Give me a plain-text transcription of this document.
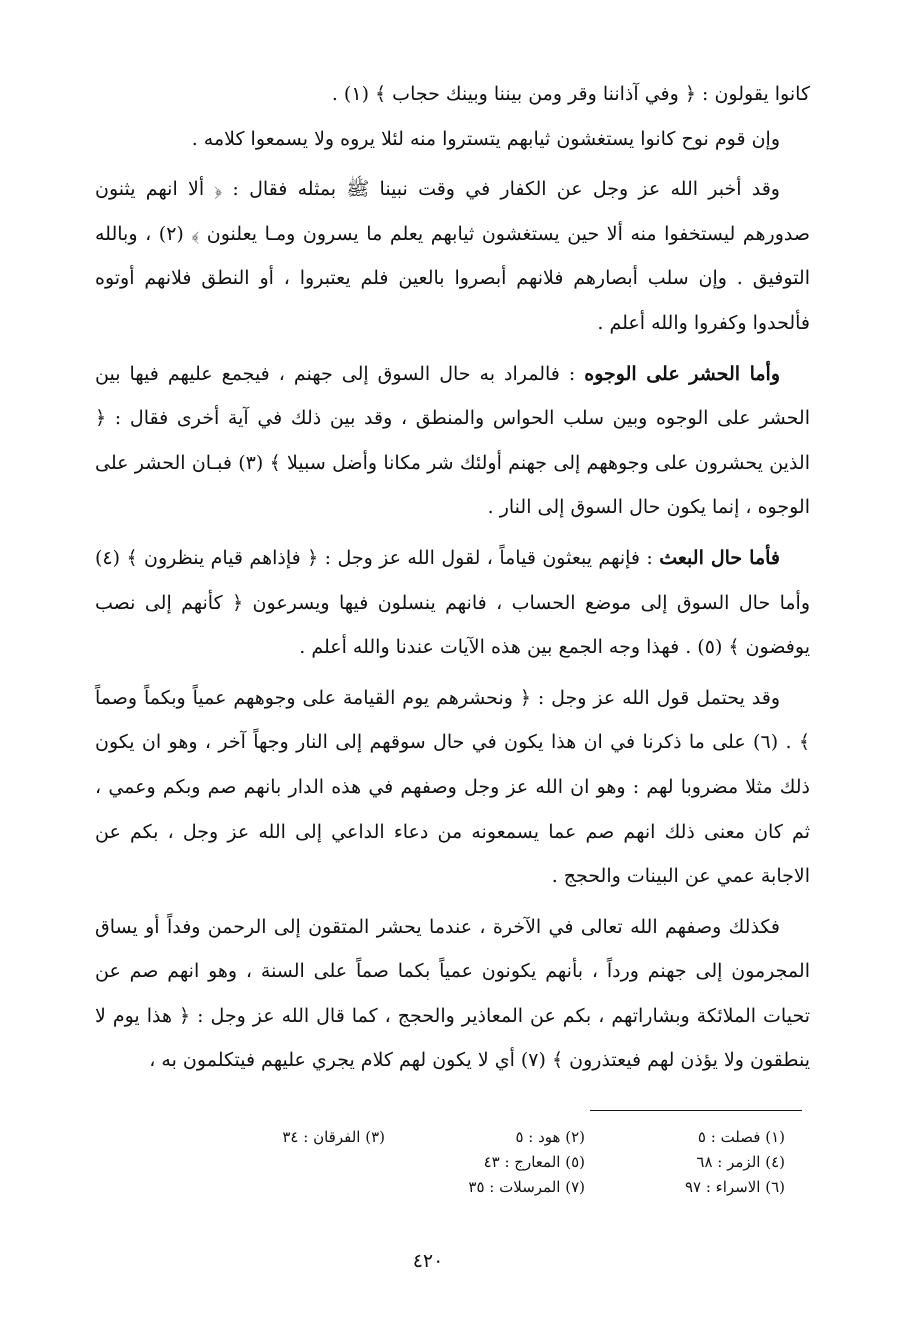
كانوا يقولون : ﴿ وفي آذاننا وقر ومن بيننا وبينك حجاب ﴾ (١) .

وإن قوم نوح كانوا يستغشون ثيابهم يتستروا منه لئلا يروه ولا يسمعوا كلامه .

وقد أخبر الله عز وجل عن الكفار في وقت نبينا ﷺ بمثله فقال : ﴿ ألا انهم يثنون صدورهم ليستخفوا منه ألا حين يستغشون ثيابهم يعلم ما يسرون ومـا يعلنون ﴾ (٢) ، وبالله التوفيق . وإن سلب أبصارهم فلانهم أبصروا بالعين فلم يعتبروا ، أو النطق فلانهم أوتوه فألحدوا وكفروا والله أعلم .

وأما الحشر على الوجوه : فالمراد به حال السوق إلى جهنم ، فيجمع عليهم فيها بين الحشر على الوجوه وبين سلب الحواس والمنطق ، وقد بين ذلك في آية أخرى فقال : ﴿ الذين يحشرون على وجوههم إلى جهنم أولئك شر مكانا وأضل سبيلا ﴾ (٣) فبـان الحشر على الوجوه ، إنما يكون حال السوق إلى النار .

فأما حال البعث : فإنهم يبعثون قياماً ، لقول الله عز وجل : ﴿ فإذاهم قيام ينظرون ﴾ (٤) وأما حال السوق إلى موضع الحساب ، فانهم ينسلون فيها ويسرعون ﴿ كأنهم إلى نصب يوفضون ﴾ (٥) . فهذا وجه الجمع بين هذه الآيات عندنا والله أعلم .

وقد يحتمل قول الله عز وجل : ﴿ ونحشرهم يوم القيامة على وجوههم عمياً وبكماً وصماً ﴾ . (٦) على ما ذكرنا في ان هذا يكون في حال سوقهم إلى النار وجهاً آخر ، وهو ان يكون ذلك مثلا مضروبا لهم : وهو ان الله عز وجل وصفهم في هذه الدار بانهم صم وبكم وعمي ، ثم كان معنى ذلك انهم صم عما يسمعونه من دعاء الداعي إلى الله عز وجل ، بكم عن الاجابة عمي عن البينات والحجج .

فكذلك وصفهم الله تعالى في الآخرة ، عندما يحشر المتقون إلى الرحمن وفداً أو يساق المجرمون إلى جهنم ورداً ، بأنهم يكونون عمياً بكما صماً على السنة ، وهو انهم صم عن تحيات الملائكة وبشاراتهم ، بكم عن المعاذير والحجج ، كما قال الله عز وجل : ﴿ هذا يوم لا ينطقون ولا يؤذن لهم فيعتذرون ﴾ (٧) أي لا يكون لهم كلام يجري عليهم فيتكلمون به ،

(١) فصلت : ٥
(٢) هود : ٥
(٣) الفرقان : ٣٤
(٤) الزمر : ٦٨
(٥) المعارج : ٤٣
(٦) الاسراء : ٩٧
(٧) المرسلات : ٣٥
٤٢٠
